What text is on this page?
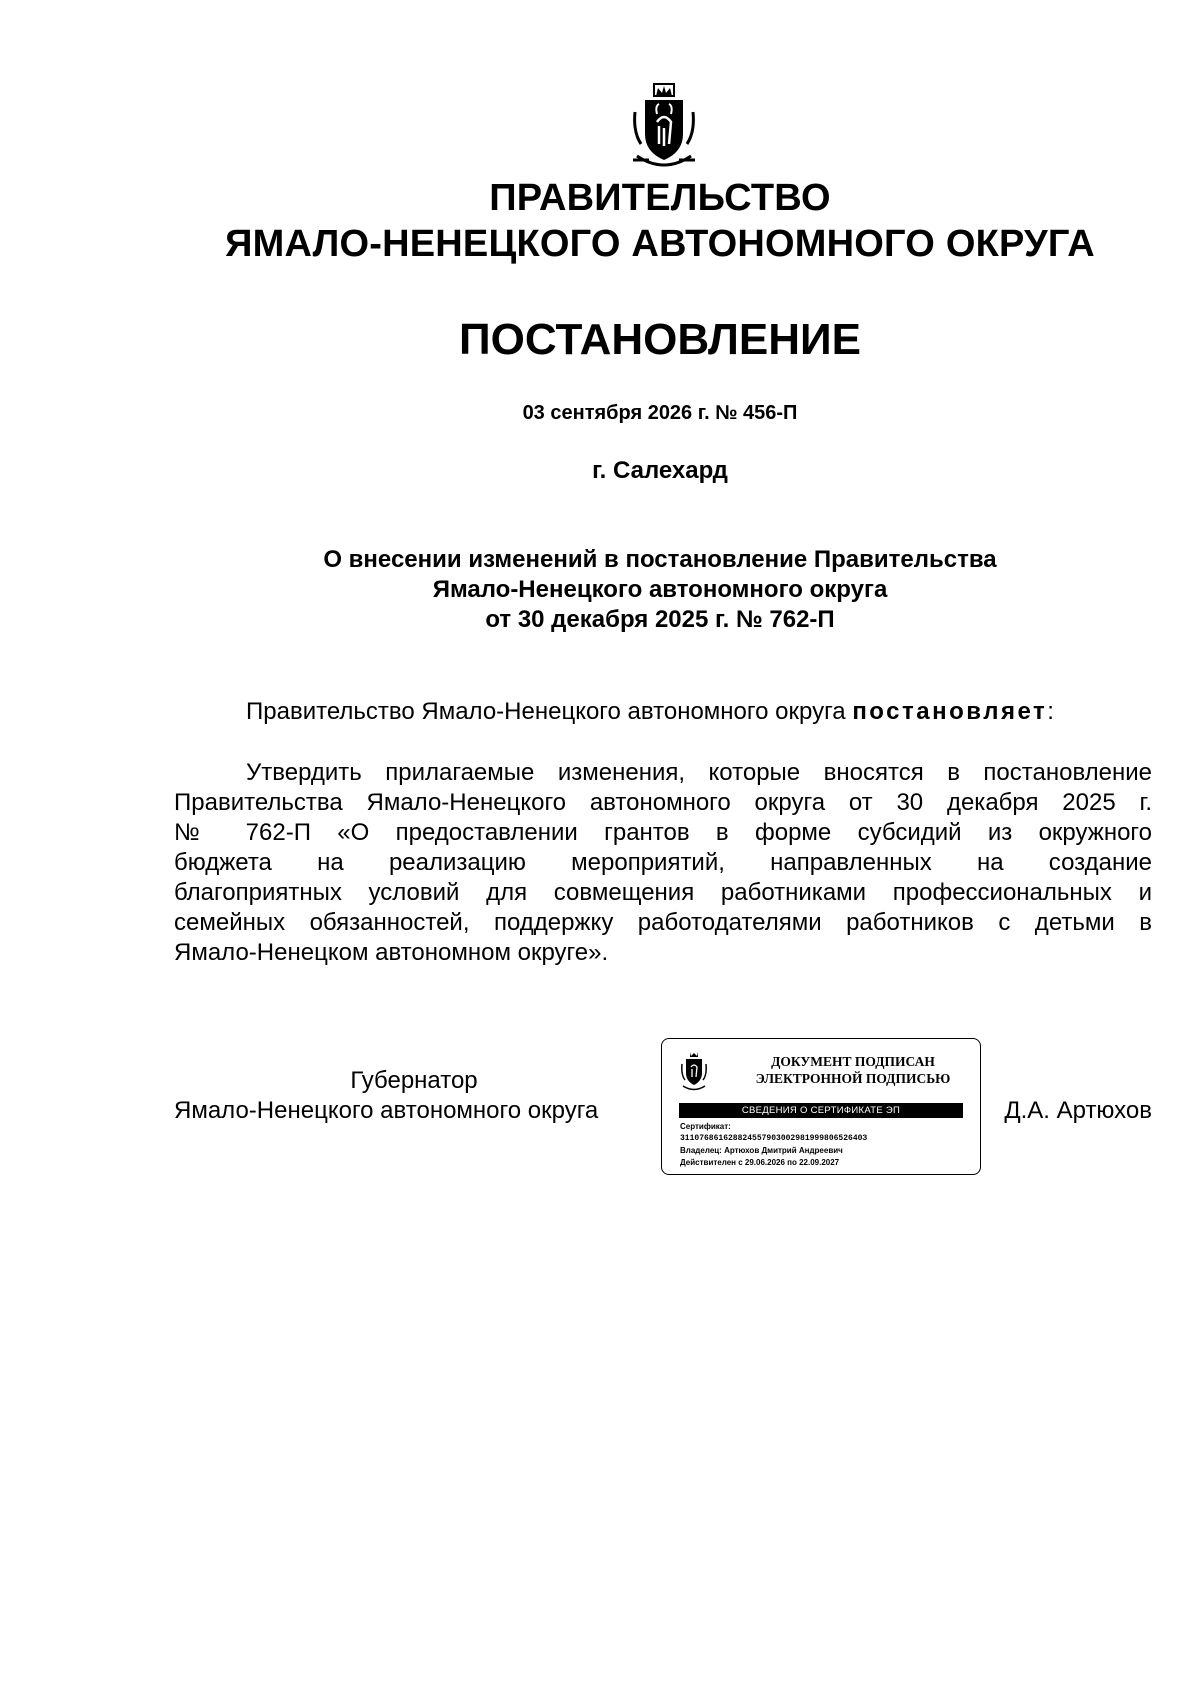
ПРАВИТЕЛЬСТВО
ЯМАЛО-НЕНЕЦКОГО АВТОНОМНОГО ОКРУГА
ПОСТАНОВЛЕНИЕ
03 сентября 2026 г. № 456-П
г. Салехард
О внесении изменений в постановление Правительства
Ямало-Ненецкого автономного округа
от 30 декабря 2025 г. № 762-П
Правительство Ямало-Ненецкого автономного округа постановляет:
Утвердить прилагаемые изменения, которые вносятся в постановление
Правительства Ямало-Ненецкого автономного округа от 30 декабря 2025 г.
№ 762-П «О предоставлении грантов в форме субсидий из окружного
бюджета на реализацию мероприятий, направленных на создание
благоприятных условий для совмещения работниками профессиональных и
семейных обязанностей, поддержку работодателями работников с детьми в
Ямало-Ненецком автономном округе».
Губернатор
Ямало-Ненецкого автономного округа	Д.А. Артюхов
ДОКУМЕНТ ПОДПИСАН
ЭЛЕКТРОННОЙ ПОДПИСЬЮ
СВЕДЕНИЯ О СЕРТИФИКАТЕ ЭП
Сертификат:
31107686162882455790300298199980652640З
Владелец: Артюхов Дмитрий Андреевич
Действителен с 29.06.2026 по 22.09.2027
